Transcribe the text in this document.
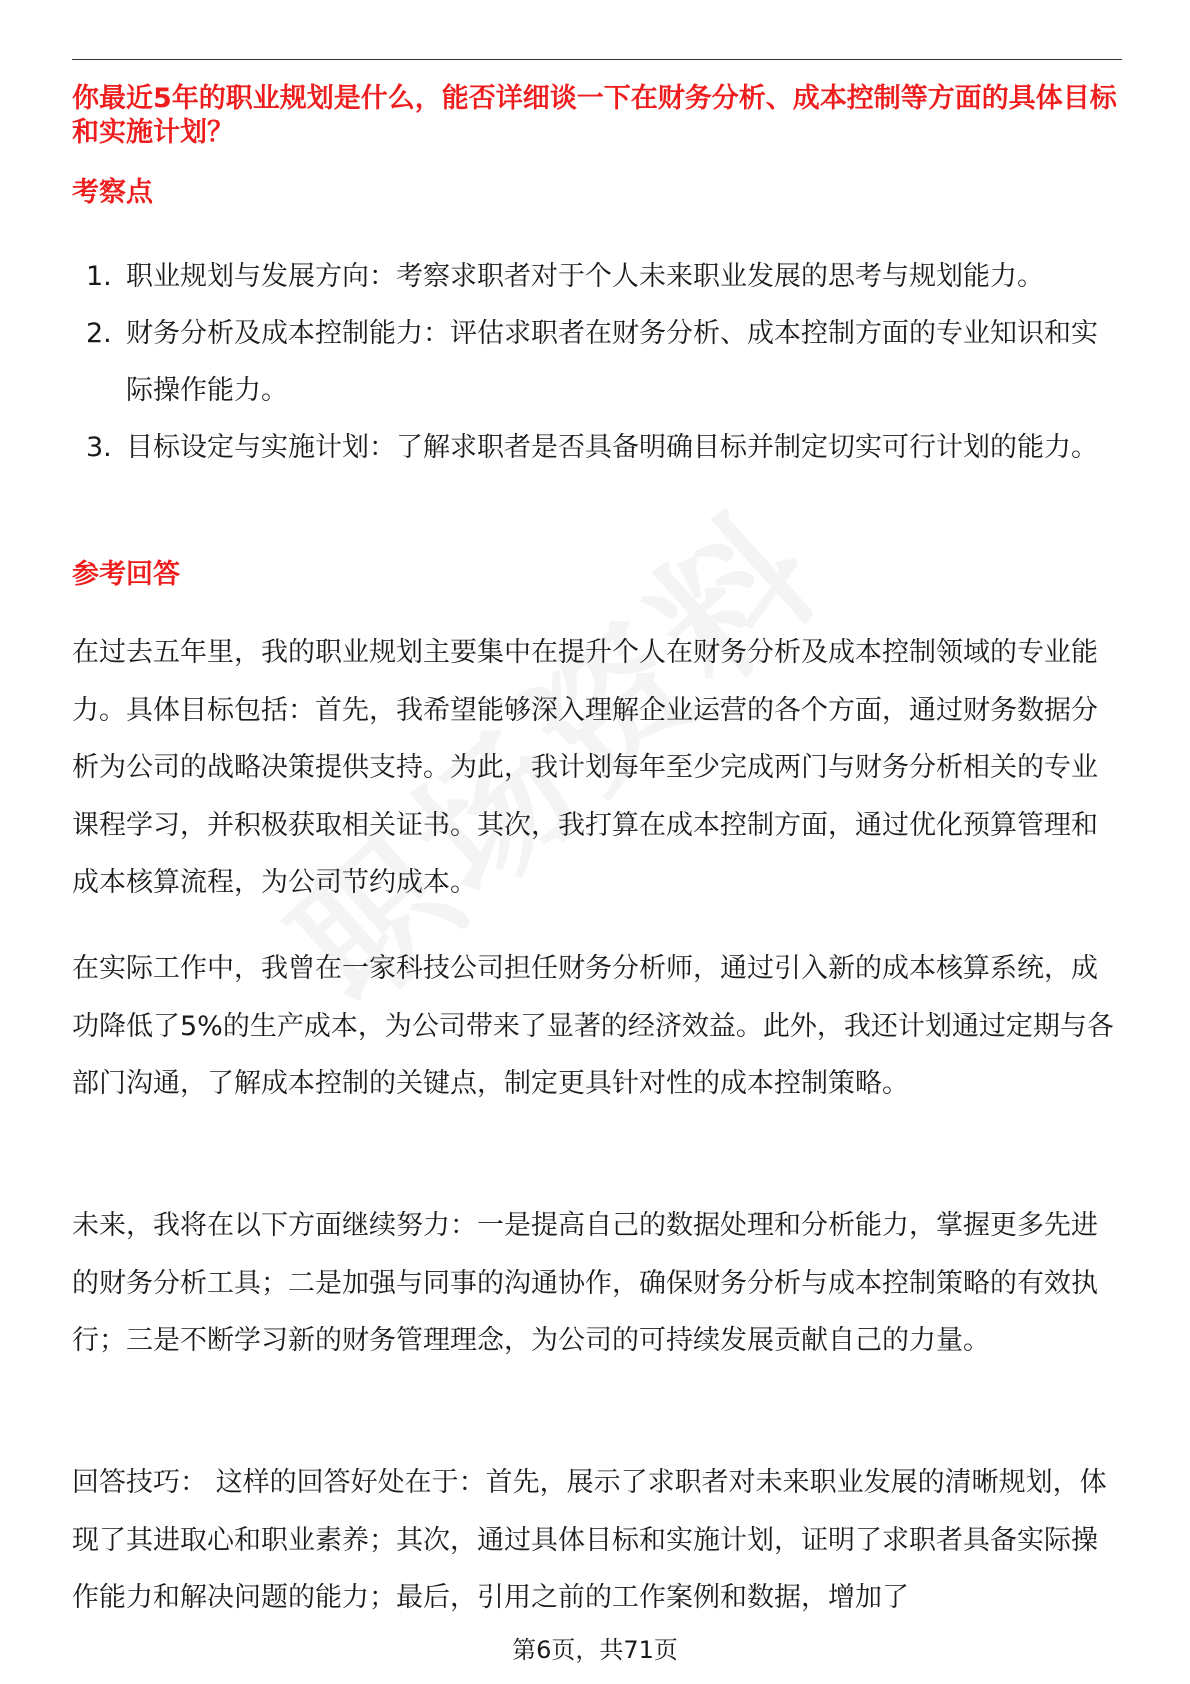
你最近5年的职业规划是什么，能否详细谈一下在财务分析、成本控制等方面的具体目标和实施计划？
考察点
1. 职业规划与发展方向：考察求职者对于个人未来职业发展的思考与规划能力。
2. 财务分析及成本控制能力：评估求职者在财务分析、成本控制方面的专业知识和实际操作能力。
3. 目标设定与实施计划：了解求职者是否具备明确目标并制定切实可行计划的能力。
参考回答

在过去五年里，我的职业规划主要集中在提升个人在财务分析及成本控制领域的专业能力。具体目标包括：首先，我希望能够深入理解企业运营的各个方面，通过财务数据分析为公司的战略决策提供支持。为此，我计划每年至少完成两门与财务分析相关的专业课程学习，并积极获取相关证书。其次，我打算在成本控制方面，通过优化预算管理和成本核算流程，为公司节约成本。

在实际工作中，我曾在一家科技公司担任财务分析师，通过引入新的成本核算系统，成功降低了5%的生产成本，为公司带来了显著的经济效益。此外，我还计划通过定期与各部门沟通，了解成本控制的关键点，制定更具针对性的成本控制策略。

未来，我将在以下方面继续努力：一是提高自己的数据处理和分析能力，掌握更多先进的财务分析工具；二是加强与同事的沟通协作，确保财务分析与成本控制策略的有效执行；三是不断学习新的财务管理理念，为公司的可持续发展贡献自己的力量。

回答技巧： 这样的回答好处在于：首先，展示了求职者对未来职业发展的清晰规划，体现了其进取心和职业素养；其次，通过具体目标和实施计划，证明了求职者具备实际操作能力和解决问题的能力；最后，引用之前的工作案例和数据，增加了

第6页，共71页
